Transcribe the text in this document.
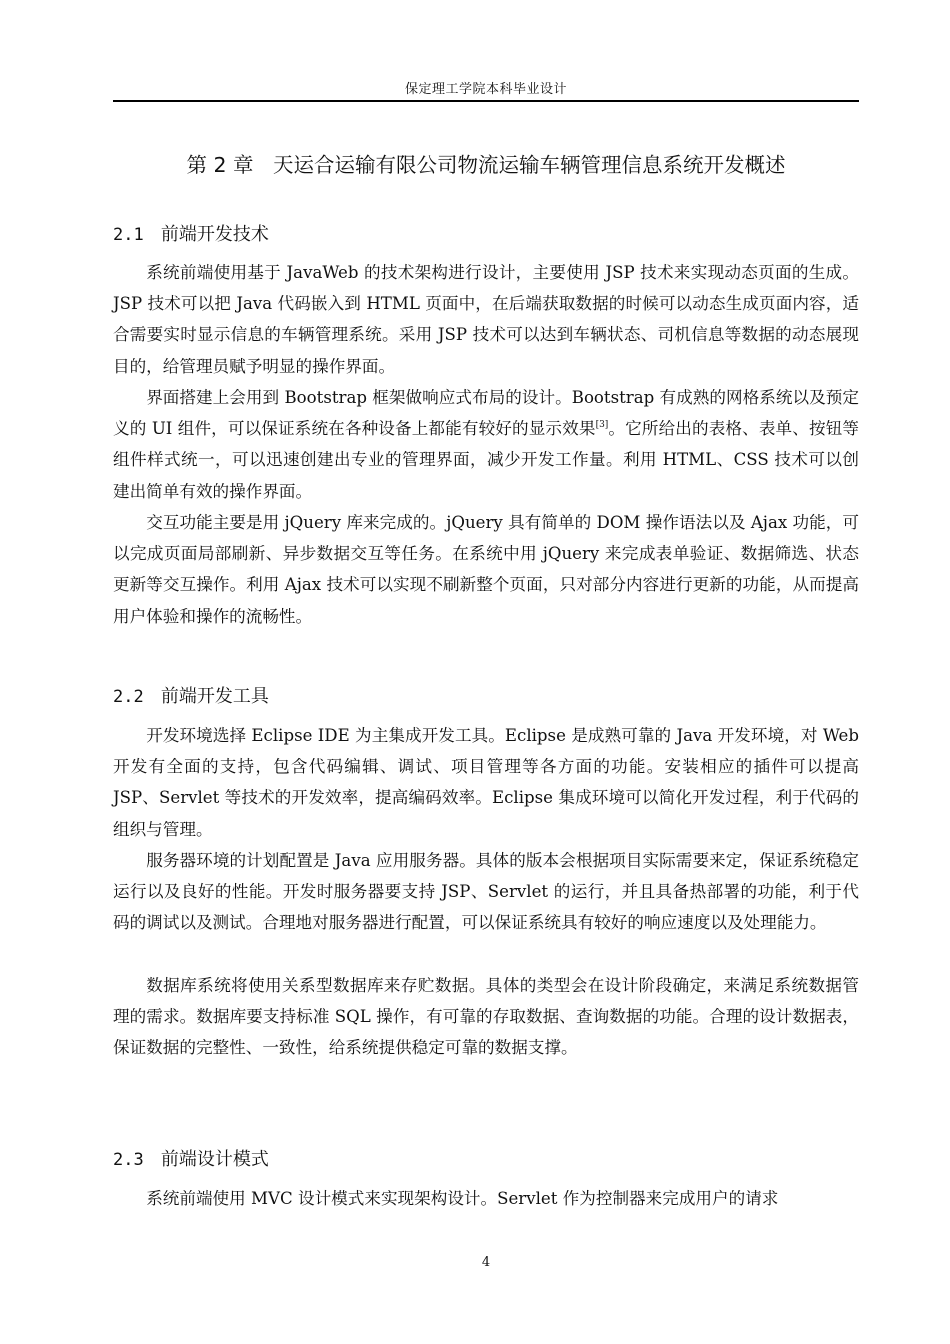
保定理工学院本科毕业设计
第 2 章   天运合运输有限公司物流运输车辆管理信息系统开发概述
2.1 前端开发技术

系统前端使用基于 JavaWeb 的技术架构进行设计，主要使用 JSP 技术来实现动态页面的生成。JSP 技术可以把 Java 代码嵌入到 HTML 页面中，在后端获取数据的时候可以动态生成页面内容，适合需要实时显示信息的车辆管理系统。采用 JSP 技术可以达到车辆状态、司机信息等数据的动态展现目的，给管理员赋予明显的操作界面。

界面搭建上会用到 Bootstrap 框架做响应式布局的设计。Bootstrap 有成熟的网格系统以及预定义的 UI 组件，可以保证系统在各种设备上都能有较好的显示效果[3]。它所给出的表格、表单、按钮等组件样式统一，可以迅速创建出专业的管理界面，减少开发工作量。利用 HTML、CSS 技术可以创建出简单有效的操作界面。

交互功能主要是用 jQuery 库来完成的。jQuery 具有简单的 DOM 操作语法以及 Ajax 功能，可以完成页面局部刷新、异步数据交互等任务。在系统中用 jQuery 来完成表单验证、数据筛选、状态更新等交互操作。利用 Ajax 技术可以实现不刷新整个页面，只对部分内容进行更新的功能，从而提高用户体验和操作的流畅性。

2.2 前端开发工具

开发环境选择 Eclipse IDE 为主集成开发工具。Eclipse 是成熟可靠的 Java 开发环境，对 Web 开发有全面的支持，包含代码编辑、调试、项目管理等各方面的功能。安装相应的插件可以提高 JSP、Servlet 等技术的开发效率，提高编码效率。Eclipse 集成环境可以简化开发过程，利于代码的组织与管理。

服务器环境的计划配置是 Java 应用服务器。具体的版本会根据项目实际需要来定，保证系统稳定运行以及良好的性能。开发时服务器要支持 JSP、Servlet 的运行，并且具备热部署的功能，利于代码的调试以及测试。合理地对服务器进行配置，可以保证系统具有较好的响应速度以及处理能力。

数据库系统将使用关系型数据库来存贮数据。具体的类型会在设计阶段确定，来满足系统数据管理的需求。数据库要支持标准 SQL 操作，有可靠的存取数据、查询数据的功能。合理的设计数据表，保证数据的完整性、一致性，给系统提供稳定可靠的数据支撑。

2.3 前端设计模式

系统前端使用 MVC 设计模式来实现架构设计。Servlet 作为控制器来完成用户的请求

4
